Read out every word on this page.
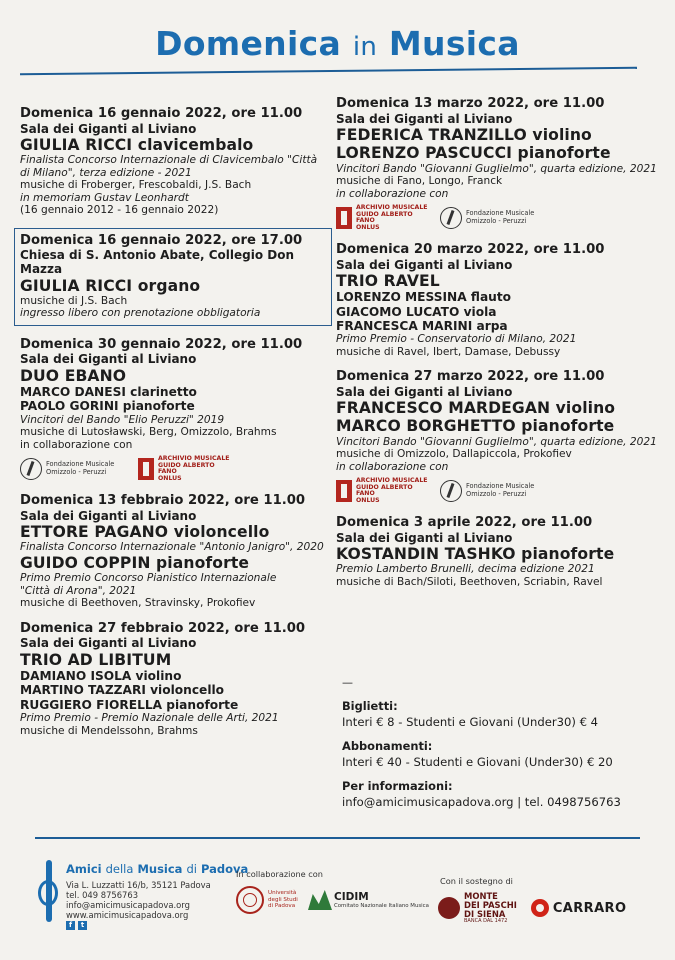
Domenica in Musica
Domenica 16 gennaio 2022, ore 11.00
Sala dei Giganti al Liviano
GIULIA RICCI clavicembalo
Finalista Concorso Internazionale di Clavicembalo "Città
di Milano", terza edizione - 2021
musiche di Froberger, Frescobaldi, J.S. Bach
in memoriam Gustav Leonhardt
(16 gennaio 2012 - 16 gennaio 2022)
Domenica 16 gennaio 2022, ore 17.00
Chiesa di S. Antonio Abate, Collegio Don Mazza
GIULIA RICCI organo
musiche di J.S. Bach
ingresso libero con prenotazione obbligatoria
Domenica 30 gennaio 2022, ore 11.00
Sala dei Giganti al Liviano
DUO EBANO
MARCO DANESI clarinetto
PAOLO GORINI pianoforte
Vincitori del Bando "Elio Peruzzi" 2019
musiche di Lutosławski, Berg, Omizzolo, Brahms
in collaborazione con
Fondazione Musicale
Omizzolo - Peruzzi
ARCHIVIO MUSICALE
GUIDO ALBERTO FANO
ONLUS
Domenica 13 febbraio 2022, ore 11.00
Sala dei Giganti al Liviano
ETTORE PAGANO violoncello
Finalista Concorso Internazionale "Antonio Janigro", 2020
GUIDO COPPIN pianoforte
Primo Premio Concorso Pianistico Internazionale
"Città di Arona", 2021
musiche di Beethoven, Stravinsky, Prokofiev
Domenica 27 febbraio 2022, ore 11.00
Sala dei Giganti al Liviano
TRIO AD LIBITUM
DAMIANO ISOLA violino
MARTINO TAZZARI violoncello
RUGGIERO FIORELLA pianoforte
Primo Premio - Premio Nazionale delle Arti, 2021
musiche di Mendelssohn, Brahms
Domenica 13 marzo 2022, ore 11.00
Sala dei Giganti al Liviano
FEDERICA TRANZILLO violino
LORENZO PASCUCCI pianoforte
Vincitori Bando "Giovanni Guglielmo", quarta edizione, 2021
musiche di Fano, Longo, Franck
in collaborazione con
ARCHIVIO MUSICALE
GUIDO ALBERTO FANO
ONLUS
Fondazione Musicale
Omizzolo - Peruzzi
Domenica 20 marzo 2022, ore 11.00
Sala dei Giganti al Liviano
TRIO RAVEL
LORENZO MESSINA flauto
GIACOMO LUCATO viola
FRANCESCA MARINI arpa
Primo Premio - Conservatorio di Milano, 2021
musiche di Ravel, Ibert, Damase, Debussy
Domenica 27 marzo 2022, ore 11.00
Sala dei Giganti al Liviano
FRANCESCO MARDEGAN violino
MARCO BORGHETTO pianoforte
Vincitori Bando "Giovanni Guglielmo", quarta edizione, 2021
musiche di Omizzolo, Dallapiccola, Prokofiev
in collaborazione con
ARCHIVIO MUSICALE
GUIDO ALBERTO FANO
ONLUS
Fondazione Musicale
Omizzolo - Peruzzi
Domenica 3 aprile 2022, ore 11.00
Sala dei Giganti al Liviano
KOSTANDIN TASHKO pianoforte
Premio Lamberto Brunelli, decima edizione 2021
musiche di Bach/Siloti, Beethoven, Scriabin, Ravel
—
Biglietti:
Interi € 8 - Studenti e Giovani (Under30) € 4
Abbonamenti:
Interi € 40 - Studenti e Giovani (Under30) € 20
Per informazioni:
info@amicimusicapadova.org | tel. 0498756763
Amici della Musica di Padova
Via L. Luzzatti 16/b, 35121 Padova
tel. 049 8756763
info@amicimusicapadova.org
www.amicimusicapadova.org
f	t
In collaborazione con
Università
degli Studi
di Padova
CIDIM
Comitato Nazionale Italiano Musica
Con il sostegno di
MONTE
DEI PASCHI
DI SIENA
BANCA DAL 1472
CARRARO
